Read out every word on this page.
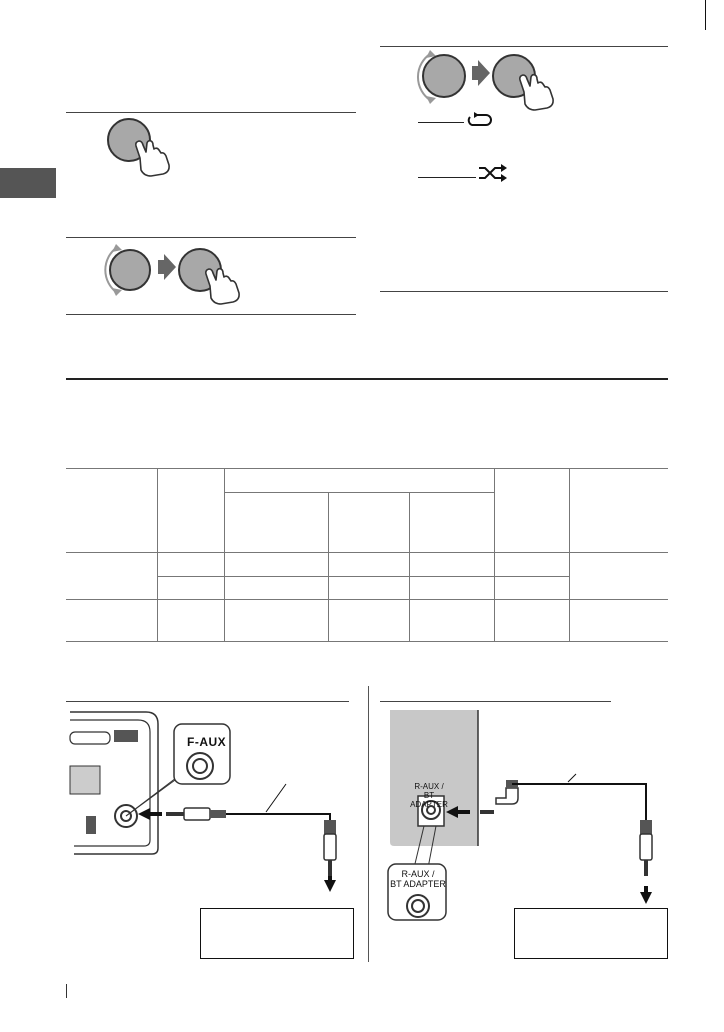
F-AUX
R-AUX /
BT ADAPTER
R-AUX /
BT ADAPTER
